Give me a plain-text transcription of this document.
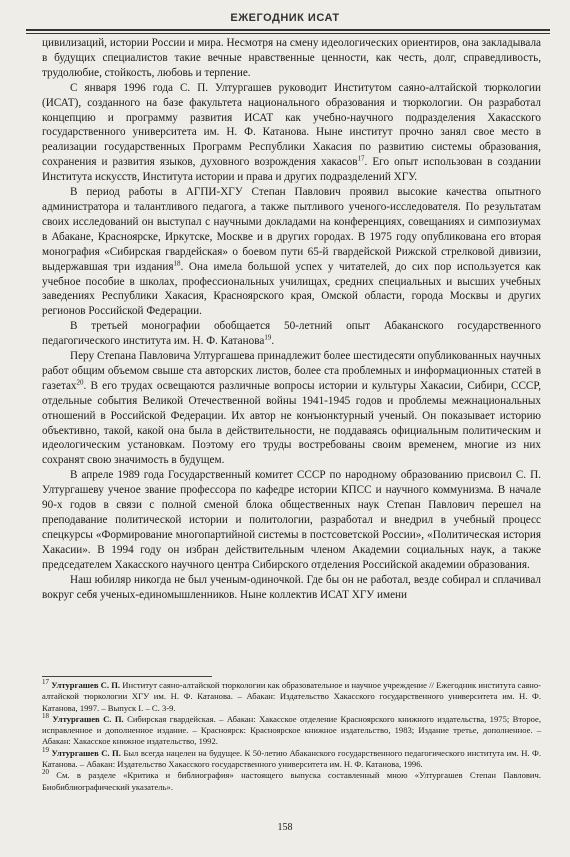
ЕЖЕГОДНИК ИСАТ

цивилизаций, истории России и мира. Несмотря на смену идеологических ориентиров, она закладывала в будущих специалистов такие вечные нравственные ценности, как честь, долг, справедливость, трудолюбие, стойкость, любовь и терпение.

С января 1996 года С. П. Ултургашев руководит Институтом саяно-алтайской тюркологии (ИСАТ), созданного на базе факультета национального образования и тюркологии. Он разработал концепцию и программу развития ИСАТ как учебно-научного подразделения Хакасского государственного университета им. Н. Ф. Катанова. Ныне институт прочно занял свое место в реализации государственных Программ Республики Хакасия по развитию системы образования, сохранения и развития языков, духовного возрождения хакасов$^{17}$. Его опыт использован в создании Института искусств, Института истории и права и других подразделений ХГУ.

В период работы в АГПИ-ХГУ Степан Павлович проявил высокие качества опытного администратора и талантливого педагога, а также пытливого ученого-исследователя. По результатам своих исследований он выступал с научными докладами на конференциях, совещаниях и симпозиумах в Абакане, Красноярске, Иркутске, Москве и в других городах. В 1975 году опубликована его вторая монография «Сибирская гвардейская» о боевом пути 65-й гвардейской Рижской стрелковой дивизии, выдержавшая три издания$^{18}$. Она имела большой успех у читателей, до сих пор используется как учебное пособие в школах, профессиональных училищах, средних специальных и высших учебных заведениях Республики Хакасия, Красноярского края, Омской области, города Москвы и других регионов Российской Федерации.

В третьей монографии обобщается 50-летний опыт Абаканского государственного педагогического института им. Н. Ф. Катанова$^{19}$.

Перу Степана Павловича Ултургашева принадлежит более шестидесяти опубликованных научных работ общим объемом свыше ста авторских листов, более ста проблемных и информационных статей в газетах$^{20}$. В его трудах освещаются различные вопросы истории и культуры Хакасии, Сибири, СССР, отдельные события Великой Отечественной войны 1941-1945 годов и проблемы межнациональных отношений в Российской Федерации. Их автор не конъюнктурный ученый. Он показывает историю объективно, такой, какой она была в действительности, не поддаваясь официальным политическим и идеологическим установкам. Поэтому его труды востребованы своим временем, многие из них сохранят свою значимость в будущем.

В апреле 1989 года Государственный комитет СССР по народному образованию присвоил С. П. Ултургашеву ученое звание профессора по кафедре истории КПСС и научного коммунизма. В начале 90-х годов в связи с полной сменой блока общественных наук Степан Павлович перешел на преподавание политической истории и политологии, разработал и внедрил в учебный процесс спецкурсы «Формирование многопартийной системы в постсоветской России», «Политическая история Хакасии». В 1994 году он избран действительным членом Академии социальных наук, а также председателем Хакасского научного центра Сибирского отделения Российской академии образования.

Наш юбиляр никогда не был ученым-одиночкой. Где бы он не работал, везде собирал и сплачивал вокруг себя ученых-единомышленников. Ныне коллектив ИСАТ ХГУ имени

$^{17}$ Ултургашев С. П. Институт саяно-алтайской тюркологии как образовательное и научное учреждение // Ежегодник института саяно-алтайской тюркологии ХГУ им. Н. Ф. Катанова. – Абакан: Издательство Хакасского государственного университета им. Н. Ф. Катанова, 1997. – Выпуск I. – С. 3-9.

$^{18}$ Ултургашев С. П. Сибирская гвардейская. – Абакан: Хакасское отделение Красноярского книжного издательства, 1975; Второе, исправленное и дополненное издание. – Красноярск: Красноярское книжное издательство, 1983; Издание третье, дополненное. – Абакан: Хакасское книжное издательство, 1992.

$^{19}$ Ултургашев С. П. Был всегда нацелен на будущее. К 50-летию Абаканского государственного педагогического института им. Н. Ф. Катанова. – Абакан: Издательство Хакасского государственного университета им. Н. Ф. Катанова, 1996.

$^{20}$ См. в разделе «Критика и библиография» настоящего выпуска составленный мною «Ултургашев Степан Павлович. Биобиблиографический указатель».

158
